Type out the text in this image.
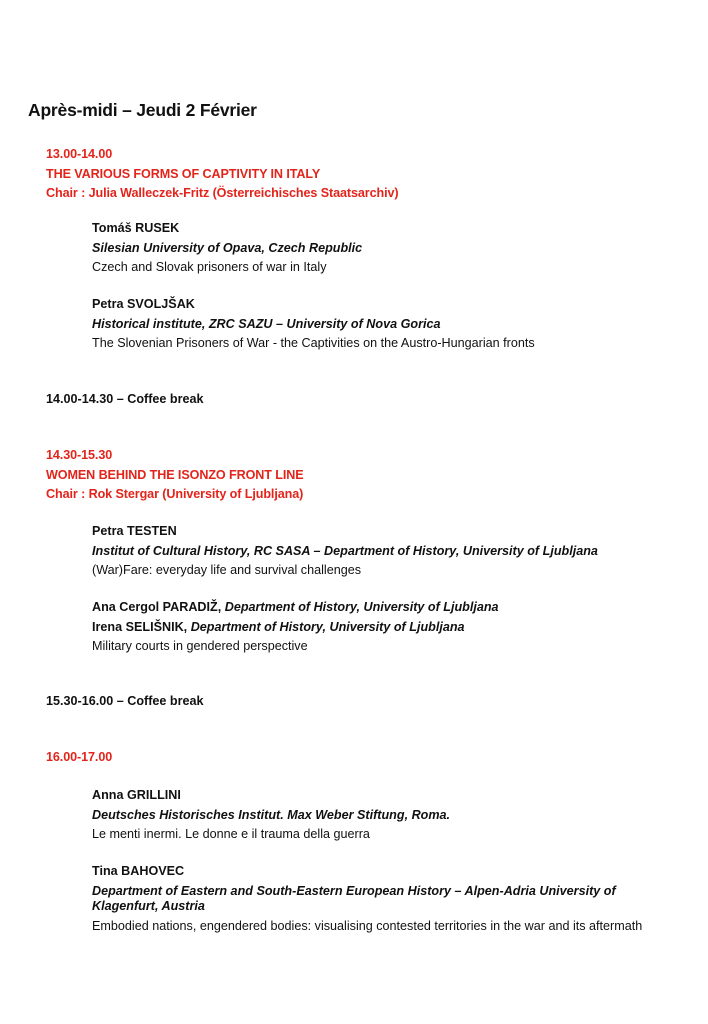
Après-midi – Jeudi 2 Février
13.00-14.00
THE VARIOUS FORMS OF CAPTIVITY IN ITALY
Chair : Julia Walleczek-Fritz (Österreichisches Staatsarchiv)
Tomáš RUSEK
Silesian University of Opava, Czech Republic
Czech and Slovak prisoners of war in Italy
Petra SVOLJŠAK
Historical institute, ZRC SAZU – University of Nova Gorica
The Slovenian Prisoners of War - the Captivities on the Austro-Hungarian fronts
14.00-14.30 – Coffee break
14.30-15.30
WOMEN BEHIND THE ISONZO FRONT LINE
Chair : Rok Stergar (University of Ljubljana)
Petra TESTEN
Institut of Cultural History, RC SASA – Department of History, University of Ljubljana
(War)Fare: everyday life and survival challenges
Ana Cergol PARADIŽ, Department of History, University of Ljubljana
Irena SELIŠNIK, Department of History, University of Ljubljana
Military courts in gendered perspective
15.30-16.00 – Coffee break
16.00-17.00
Anna GRILLINI
Deutsches Historisches Institut. Max Weber Stiftung, Roma.
Le menti inermi. Le donne e il trauma della guerra
Tina BAHOVEC
Department of Eastern and South-Eastern European History – Alpen-Adria University of Klagenfurt, Austria
Embodied nations, engendered bodies: visualising contested territories in the war and its aftermath
